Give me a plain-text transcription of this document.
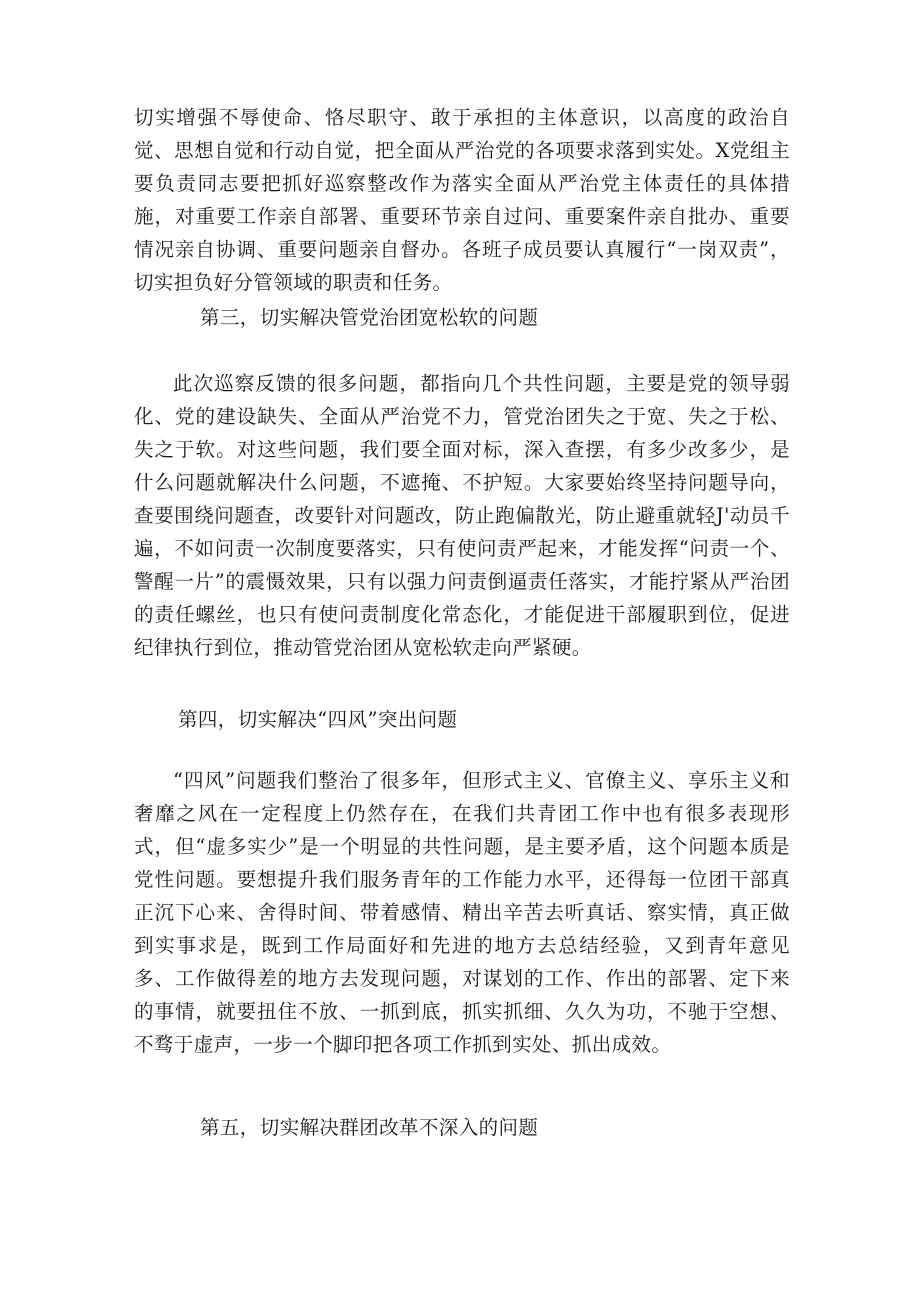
切实增强不辱使命、恪尽职守、敢于承担的主体意识，以高度的政治自觉、思想自觉和行动自觉，把全面从严治党的各项要求落到实处。X党组主要负责同志要把抓好巡察整改作为落实全面从严治党主体责任的具体措施，对重要工作亲自部署、重要环节亲自过问、重要案件亲自批办、重要情况亲自协调、重要问题亲自督办。各班子成员要认真履行“一岗双责”，切实担负好分管领域的职责和任务。

第三，切实解决管党治团宽松软的问题

此次巡察反馈的很多问题，都指向几个共性问题，主要是党的领导弱化、党的建设缺失、全面从严治党不力，管党治团失之于宽、失之于松、失之于软。对这些问题，我们要全面对标，深入查摆，有多少改多少，是什么问题就解决什么问题，不遮掩、不护短。大家要始终坚持问题导向，查要围绕问题查，改要针对问题改，防止跑偏散光，防止避重就轻J'动员千遍，不如问责一次制度要落实，只有使问责严起来，才能发挥“问责一个、警醒一片”的震慑效果，只有以强力问责倒逼责任落实，才能拧紧从严治团的责任螺丝，也只有使问责制度化常态化，才能促进干部履职到位，促进纪律执行到位，推动管党治团从宽松软走向严紧硬。

第四，切实解决“四风”突出问题

“四风”问题我们整治了很多年，但形式主义、官僚主义、享乐主义和奢靡之风在一定程度上仍然存在，在我们共青团工作中也有很多表现形式，但“虚多实少”是一个明显的共性问题，是主要矛盾，这个问题本质是党性问题。要想提升我们服务青年的工作能力水平，还得每一位团干部真正沉下心来、舍得时间、带着感情、精出辛苦去听真话、察实情，真正做到实事求是，既到工作局面好和先进的地方去总结经验，又到青年意见多、工作做得差的地方去发现问题，对谋划的工作、作出的部署、定下来的事情，就要扭住不放、一抓到底，抓实抓细、久久为功，不驰于空想、不骛于虚声，一步一个脚印把各项工作抓到实处、抓出成效。

第五，切实解决群团改革不深入的问题
